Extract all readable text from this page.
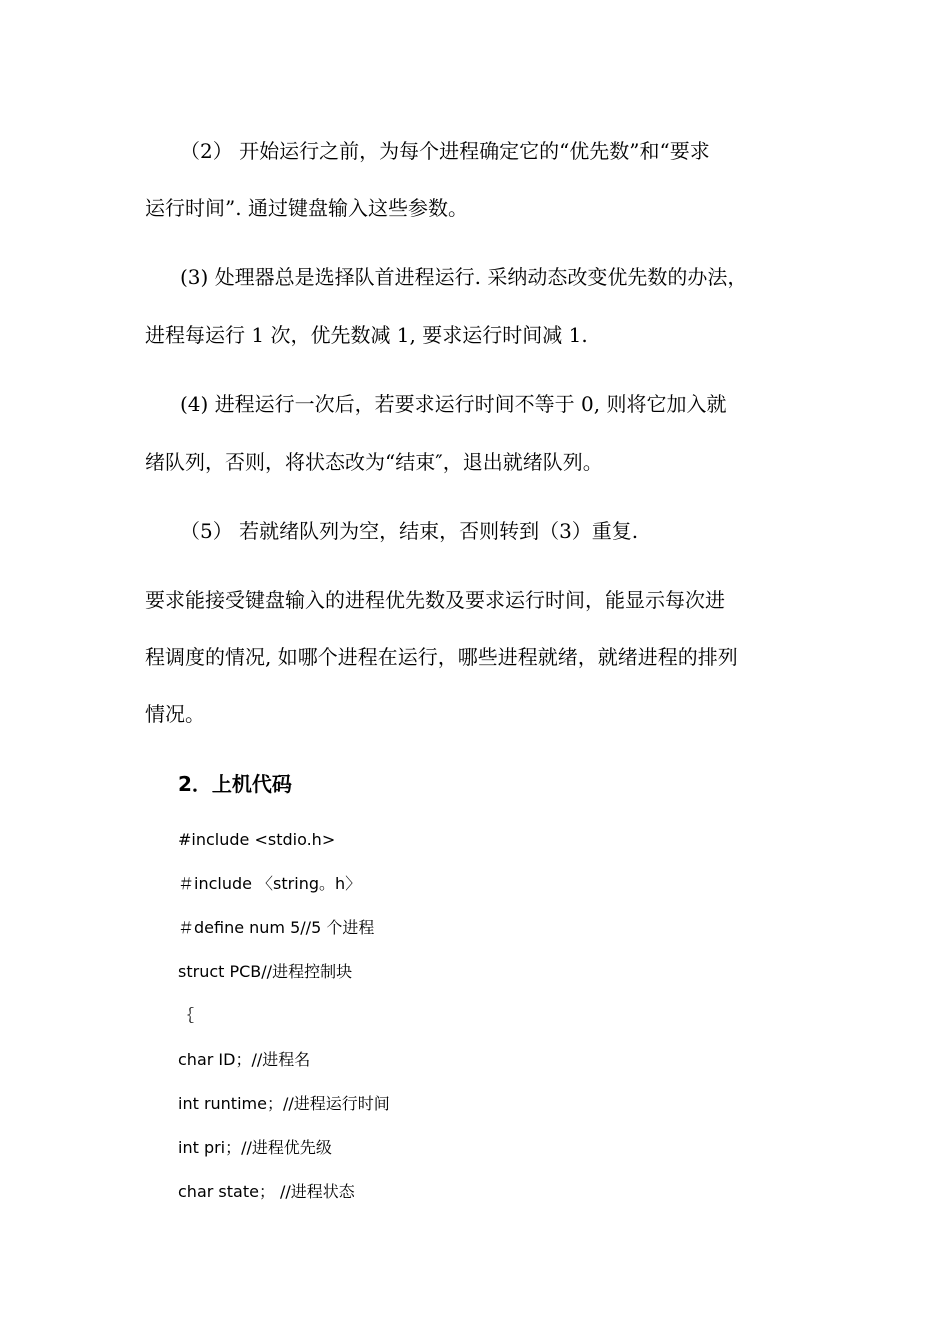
（2） 开始运行之前，为每个进程确定它的“优先数”和“要求
运行时间”. 通过键盘输入这些参数。
(3) 处理器总是选择队首进程运行. 采纳动态改变优先数的办法，
进程每运行 1 次，优先数减 1, 要求运行时间减 1.
(4) 进程运行一次后，若要求运行时间不等于 0, 则将它加入就
绪队列，否则，将状态改为“结束″，退出就绪队列。
（5） 若就绪队列为空，结束，否则转到（3）重复.
要求能接受键盘输入的进程优先数及要求运行时间，能显示每次进
程调度的情况, 如哪个进程在运行，哪些进程就绪，就绪进程的排列
情况。
2．上机代码
#include <stdio.h>
＃include 〈string。h〉
＃define num 5//5 个进程
struct PCB//进程控制块
｛
char ID；//进程名
int runtime；//进程运行时间
int pri；//进程优先级
char state； //进程状态
